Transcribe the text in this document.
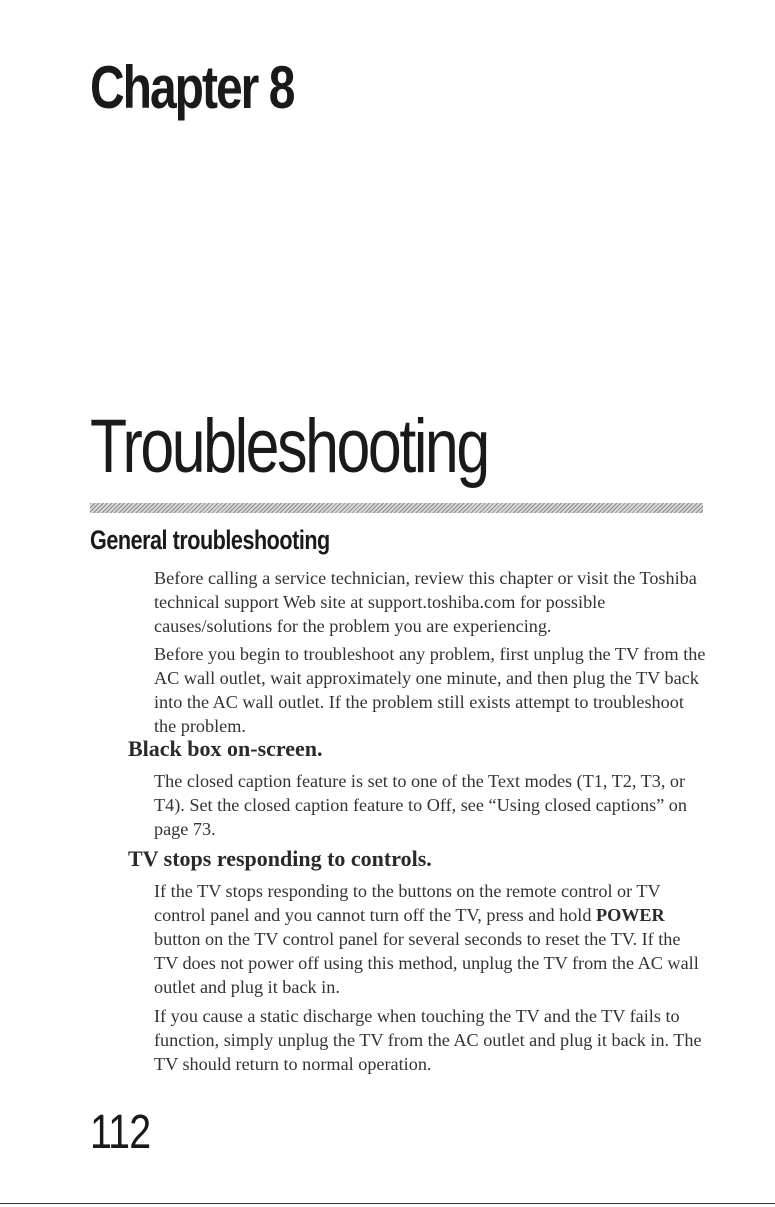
Chapter 8
Troubleshooting
General troubleshooting

Before calling a service technician, review this chapter or visit the Toshiba technical support Web site at support.toshiba.com for possible causes/solutions for the problem you are experiencing.

Before you begin to troubleshoot any problem, first unplug the TV from the AC wall outlet, wait approximately one minute, and then plug the TV back into the AC wall outlet. If the problem still exists attempt to troubleshoot the problem.

Black box on-screen.

The closed caption feature is set to one of the Text modes (T1, T2, T3, or T4). Set the closed caption feature to Off, see “Using closed captions” on page 73.

TV stops responding to controls.

If the TV stops responding to the buttons on the remote control or TV control panel and you cannot turn off the TV, press and hold POWER button on the TV control panel for several seconds to reset the TV. If the TV does not power off using this method, unplug the TV from the AC wall outlet and plug it back in.

If you cause a static discharge when touching the TV and the TV fails to function, simply unplug the TV from the AC outlet and plug it back in. The TV should return to normal operation.

112
